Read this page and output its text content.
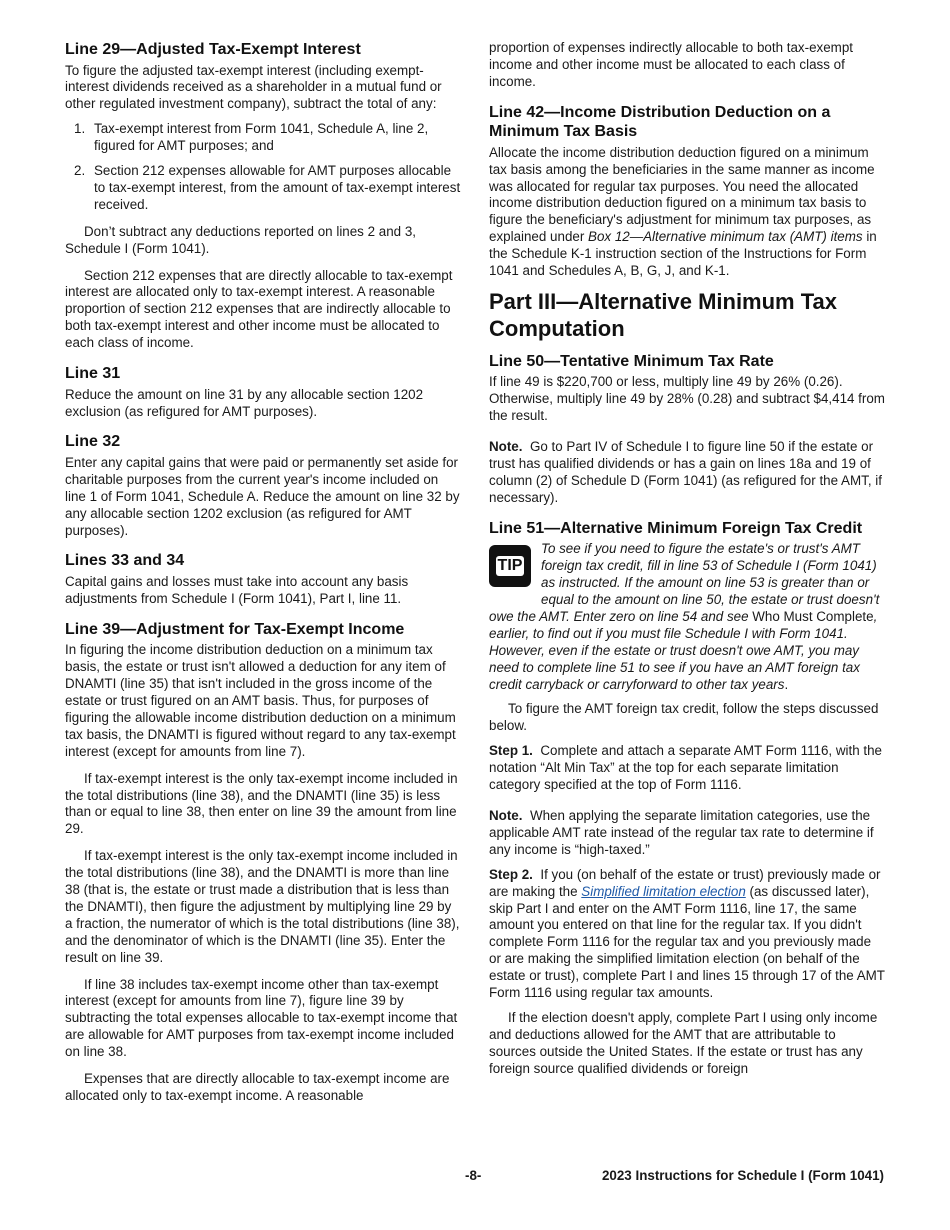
Line 29—Adjusted Tax-Exempt Interest

To figure the adjusted tax-exempt interest (including exempt-interest dividends received as a shareholder in a mutual fund or other regulated investment company), subtract the total of any:

1. Tax-exempt interest from Form 1041, Schedule A, line 2, figured for AMT purposes; and
2. Section 212 expenses allowable for AMT purposes allocable to tax-exempt interest, from the amount of tax-exempt interest received.

Don’t subtract any deductions reported on lines 2 and 3, Schedule I (Form 1041).

Section 212 expenses that are directly allocable to tax-exempt interest are allocated only to tax-exempt interest. A reasonable proportion of section 212 expenses that are indirectly allocable to both tax-exempt interest and other income must be allocated to each class of income.

Line 31

Reduce the amount on line 31 by any allocable section 1202 exclusion (as refigured for AMT purposes).

Line 32

Enter any capital gains that were paid or permanently set aside for charitable purposes from the current year's income included on line 1 of Form 1041, Schedule A. Reduce the amount on line 32 by any allocable section 1202 exclusion (as refigured for AMT purposes).

Lines 33 and 34

Capital gains and losses must take into account any basis adjustments from Schedule I (Form 1041), Part I, line 11.

Line 39—Adjustment for Tax-Exempt Income

In figuring the income distribution deduction on a minimum tax basis, the estate or trust isn't allowed a deduction for any item of DNAMTI (line 35) that isn't included in the gross income of the estate or trust figured on an AMT basis. Thus, for purposes of figuring the allowable income distribution deduction on a minimum tax basis, the DNAMTI is figured without regard to any tax-exempt interest (except for amounts from line 7).

If tax-exempt interest is the only tax-exempt income included in the total distributions (line 38), and the DNAMTI (line 35) is less than or equal to line 38, then enter on line 39 the amount from line 29.

If tax-exempt interest is the only tax-exempt income included in the total distributions (line 38), and the DNAMTI is more than line 38 (that is, the estate or trust made a distribution that is less than the DNAMTI), then figure the adjustment by multiplying line 29 by a fraction, the numerator of which is the total distributions (line 38), and the denominator of which is the DNAMTI (line 35). Enter the result on line 39.

If line 38 includes tax-exempt income other than tax-exempt interest (except for amounts from line 7), figure line 39 by subtracting the total expenses allocable to tax-exempt income that are allowable for AMT purposes from tax-exempt income included on line 38.

Expenses that are directly allocable to tax-exempt income are allocated only to tax-exempt income. A reasonable

proportion of expenses indirectly allocable to both tax-exempt income and other income must be allocated to each class of income.

Line 42—Income Distribution Deduction on a Minimum Tax Basis

Allocate the income distribution deduction figured on a minimum tax basis among the beneficiaries in the same manner as income was allocated for regular tax purposes. You need the allocated income distribution deduction figured on a minimum tax basis to figure the beneficiary's adjustment for minimum tax purposes, as explained under Box 12—Alternative minimum tax (AMT) items in the Schedule K-1 instruction section of the Instructions for Form 1041 and Schedules A, B, G, J, and K-1.

Part III—Alternative Minimum Tax Computation
Line 50—Tentative Minimum Tax Rate

If line 49 is $220,700 or less, multiply line 49 by 26% (0.26). Otherwise, multiply line 49 by 28% (0.28) and subtract $4,414 from the result.

Note. Go to Part IV of Schedule I to figure line 50 if the estate or trust has qualified dividends or has a gain on lines 18a and 19 of column (2) of Schedule D (Form 1041) (as refigured for the AMT, if necessary).

Line 51—Alternative Minimum Foreign Tax Credit
TIP

To see if you need to figure the estate's or trust's AMT foreign tax credit, fill in line 53 of Schedule I (Form 1041) as instructed. If the amount on line 53 is greater than or equal to the amount on line 50, the estate or trust doesn't owe the AMT. Enter zero on line 54 and see Who Must Complete, earlier, to find out if you must file Schedule I with Form 1041. However, even if the estate or trust doesn't owe AMT, you may need to complete line 51 to see if you have an AMT foreign tax credit carryback or carryforward to other tax years.

To figure the AMT foreign tax credit, follow the steps discussed below.

Step 1. Complete and attach a separate AMT Form 1116, with the notation “Alt Min Tax” at the top for each separate limitation category specified at the top of Form 1116.

Note. When applying the separate limitation categories, use the applicable AMT rate instead of the regular tax rate to determine if any income is “high-taxed.”

Step 2. If you (on behalf of the estate or trust) previously made or are making the Simplified limitation election (as discussed later), skip Part I and enter on the AMT Form 1116, line 17, the same amount you entered on that line for the regular tax. If you didn't complete Form 1116 for the regular tax and you previously made or are making the simplified limitation election (on behalf of the estate or trust), complete Part I and lines 15 through 17 of the AMT Form 1116 using regular tax amounts.

If the election doesn't apply, complete Part I using only income and deductions allowed for the AMT that are attributable to sources outside the United States. If the estate or trust has any foreign source qualified dividends or foreign

-8-	2023 Instructions for Schedule I (Form 1041)
